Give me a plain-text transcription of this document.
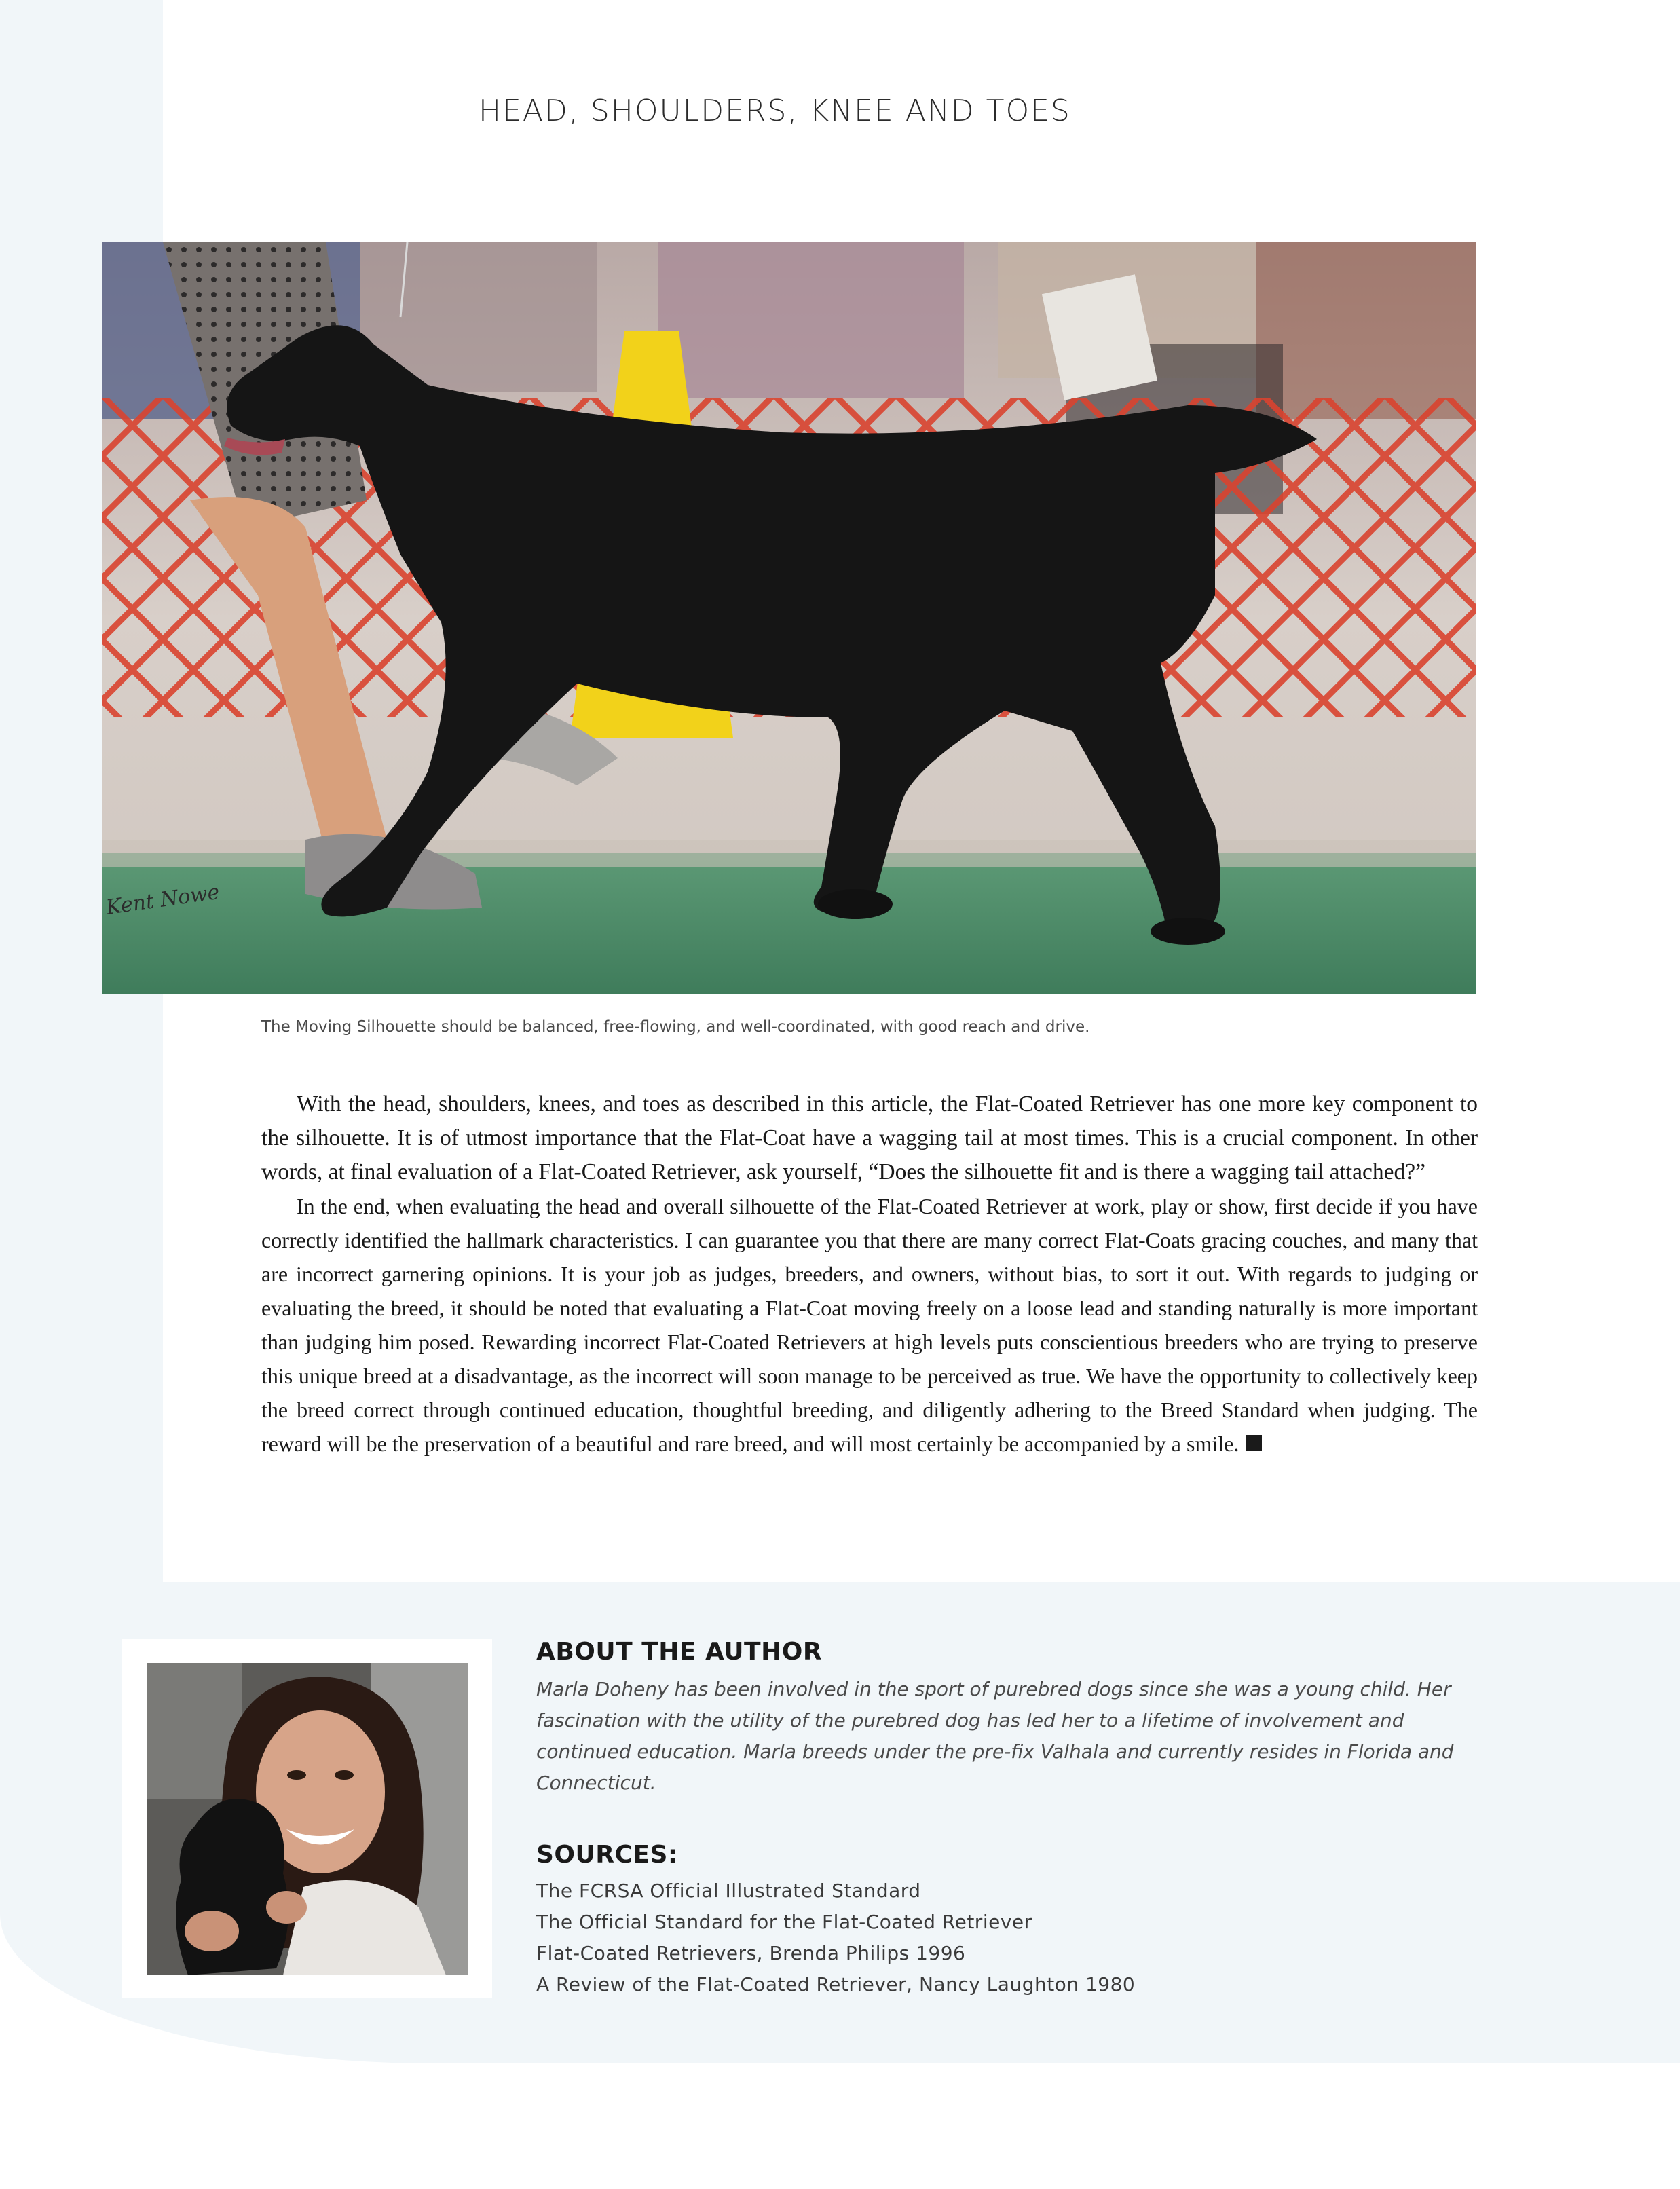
HEAD, SHOULDERS, KNEE AND TOES
Kent Nowe
The Moving Silhouette should be balanced, free-flowing, and well-coordinated, with good reach and drive.

With the head, shoulders, knees, and toes as described in this article, the Flat-Coated Retriever has one more key component to the silhouette. It is of utmost importance that the Flat-Coat have a wagging tail at most times. This is a crucial component. In other words, at final evaluation of a Flat-Coated Retriever, ask yourself, “Does the silhouette fit and is there a wagging tail attached?”

In the end, when evaluating the head and overall silhouette of the Flat-Coated Retriever at work, play or show, first decide if you have correctly identified the hallmark characteristics. I can guarantee you that there are many correct Flat-Coats gracing couches, and many that are incorrect garnering opinions. It is your job as judges, breeders, and owners, without bias, to sort it out. With regards to judging or evaluating the breed, it should be noted that evaluating a Flat-Coat moving freely on a loose lead and standing naturally is more important than judging him posed. Rewarding incorrect Flat-Coated Retrievers at high levels puts conscientious breeders who are trying to preserve this unique breed at a disadvantage, as the incorrect will soon manage to be perceived as true. We have the opportunity to collectively keep the breed correct through continued education, thoughtful breeding, and diligently adhering to the Breed Standard when judging. The reward will be the preservation of a beautiful and rare breed, and will most certainly be accompanied by a smile.

ABOUT THE AUTHOR
Marla Doheny has been involved in the sport of purebred dogs since she was a young child. Her fascination with the utility of the purebred dog has led her to a lifetime of involvement and continued education. Marla breeds under the pre-fix Valhala and currently resides in Florida and Connecticut.
SOURCES:
The FCRSA Official Illustrated Standard
The Official Standard for the Flat-Coated Retriever
Flat-Coated Retrievers, Brenda Philips 1996
A Review of the Flat-Coated Retriever, Nancy Laughton 1980
